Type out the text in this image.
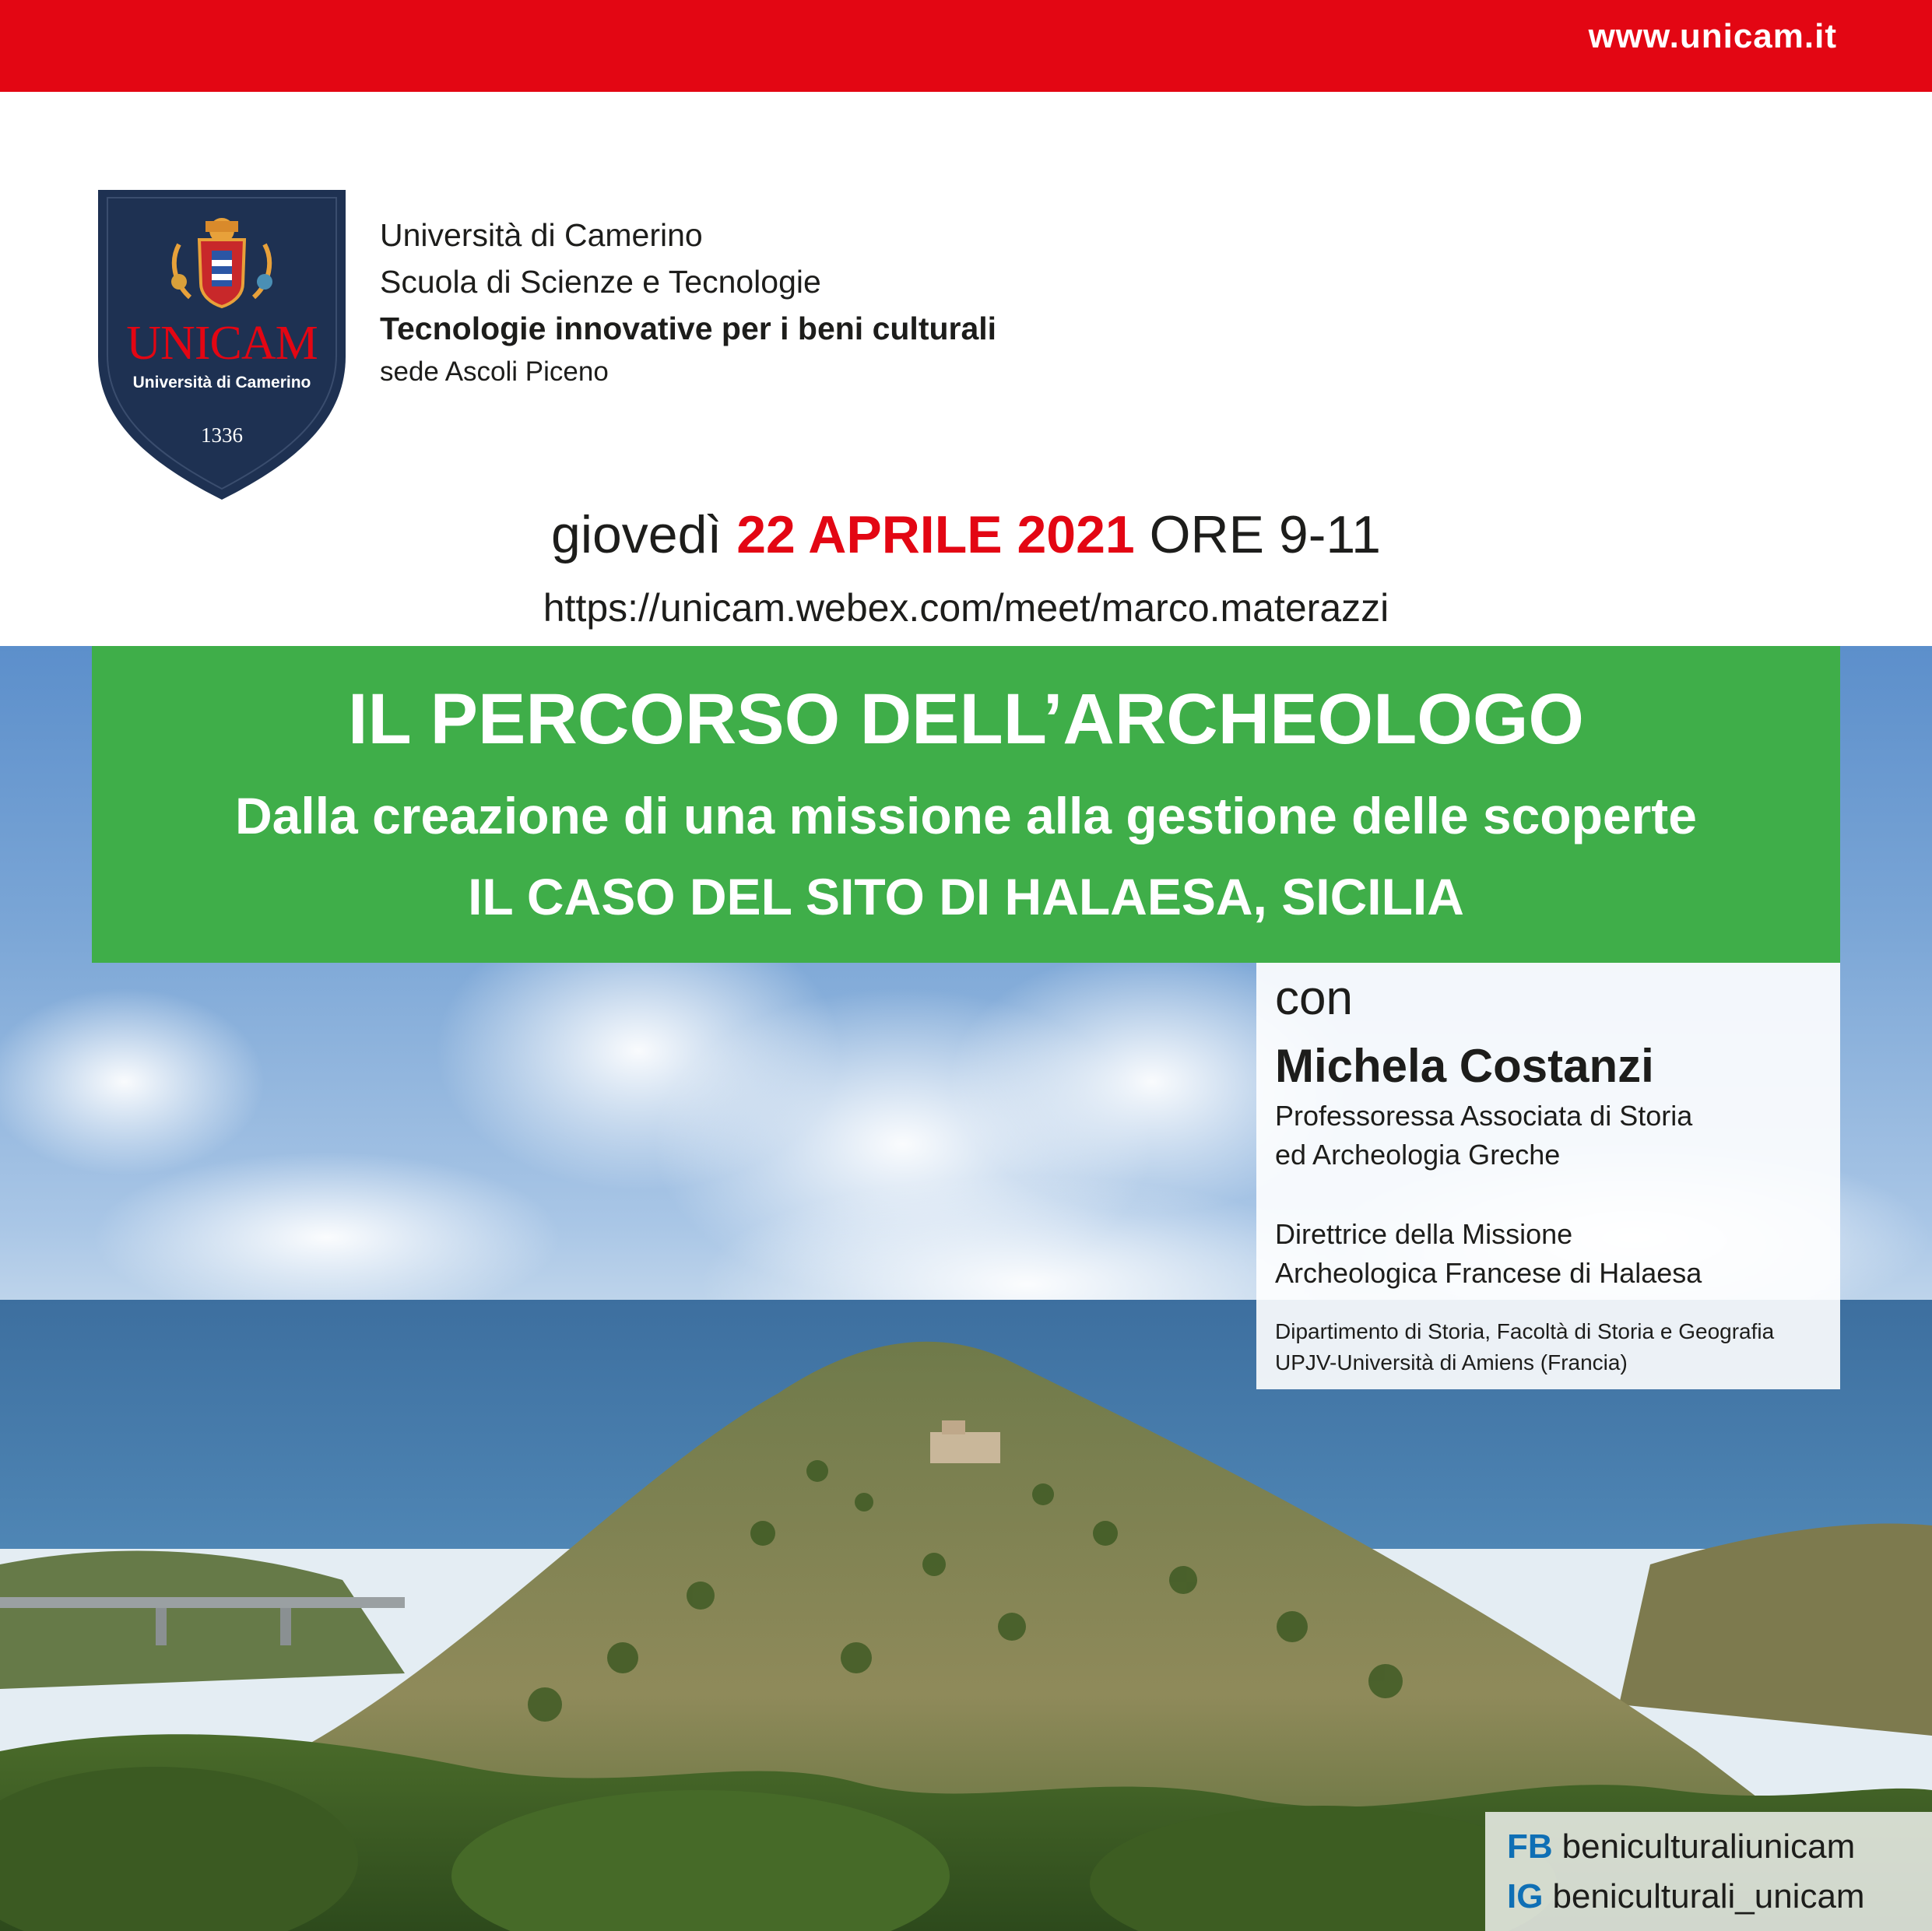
www.unicam.it
UNICAM
Università di Camerino
1336
Università di Camerino
Scuola di Scienze e Tecnologie
Tecnologie innovative per i beni culturali
sede Ascoli Piceno
giovedì 22 APRILE 2021 ORE 9-11
https://unicam.webex.com/meet/marco.materazzi
IL PERCORSO DELL’ARCHEOLOGO
Dalla creazione di una missione alla gestione delle scoperte
IL CASO DEL SITO DI HALAESA, SICILIA
con
Michela Costanzi
Professoressa Associata di Storia
ed Archeologia Greche
Direttrice della Missione
Archeologica Francese di Halaesa
Dipartimento di Storia, Facoltà di Storia e Geografia
UPJV-Università di Amiens (Francia)
FB beniculturaliunicam
IG beniculturali_unicam
